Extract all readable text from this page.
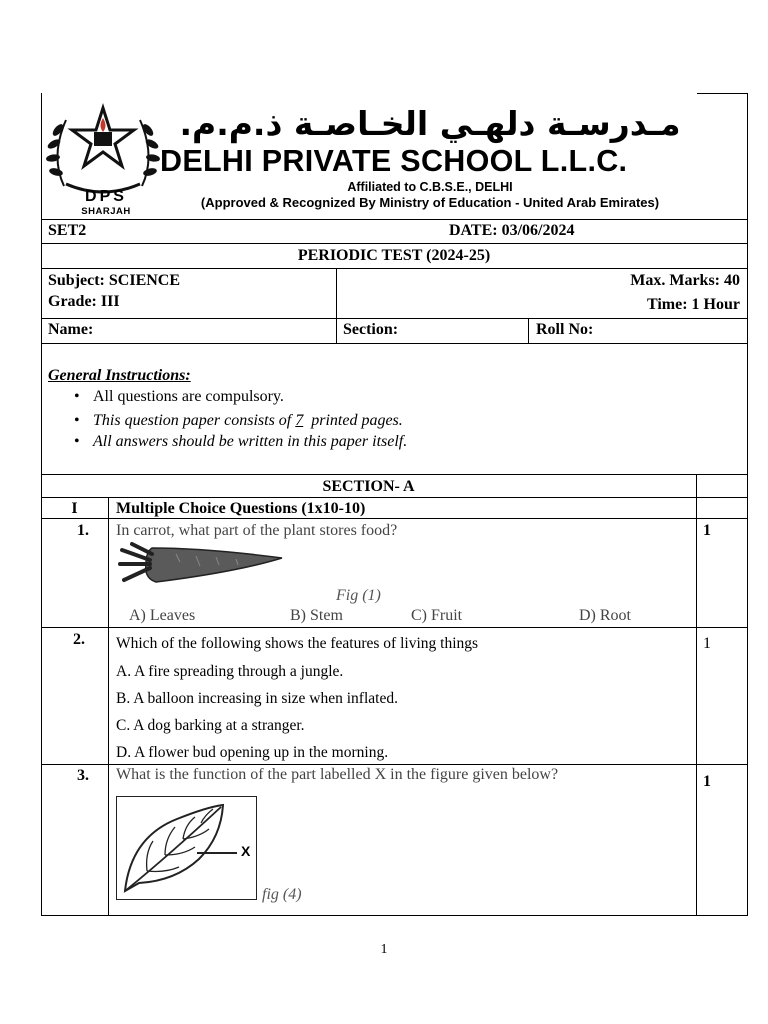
DPS
SHARJAH
مـدرسـة دلهـي الخـاصـة ذ.م.م.
DELHI PRIVATE SCHOOL L.L.C.
Affiliated to C.B.S.E., DELHI
(Approved & Recognized By Ministry of Education - United Arab Emirates)
SET2	DATE: 03/06/2024
PERIODIC TEST (2024-25)
Subject: SCIENCE
Grade: III
Max. Marks: 40
Time: 1 Hour
Name:	Section:	Roll No:
General Instructions:
• All questions are compulsory.
• This question paper consists of 7  printed pages.
• All answers should be written in this paper itself.
SECTION- A
I	Multiple Choice Questions (1x10-10)
1.	In carrot, what part of the plant stores food?	1
Fig (1)
A) Leaves	B) Stem	C) Fruit	D) Root
2.	Which of the following shows the features of living things	1
A. A fire spreading through a jungle.
B. A balloon increasing in size when inflated.
C. A dog barking at a stranger.
D. A flower bud opening up in the morning.
3.	What is the function of the part labelled X in the figure given below?	1
X
fig (4)
1
